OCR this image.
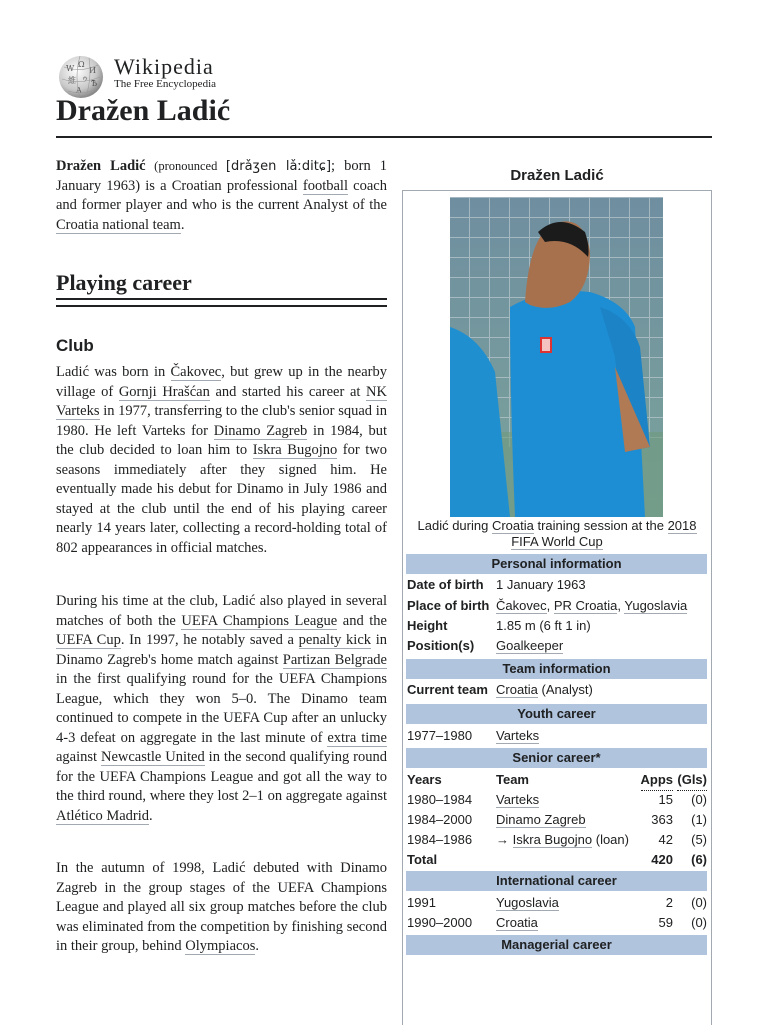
W Ω
И
維 ゥ
Ѣ
A
Wikipedia
The Free Encyclopedia
Dražen Ladić

Dražen Ladić (pronounced [drǎʒen lǎːditɕ]; born 1 January 1963) is a Croatian professional football coach and former player and who is the current Analyst of the Croatia national team.

Playing career
Club

Ladić was born in Čakovec, but grew up in the nearby village of Gornji Hrašćan and started his career at NK Varteks in 1977, transferring to the club's senior squad in 1980. He left Varteks for Dinamo Zagreb in 1984, but the club decided to loan him to Iskra Bugojno for two seasons immediately after they signed him. He eventually made his debut for Dinamo in July 1986 and stayed at the club until the end of his playing career nearly 14 years later, collecting a record-holding total of 802 appearances in official matches.

During his time at the club, Ladić also played in several matches of both the UEFA Champions League and the UEFA Cup. In 1997, he notably saved a penalty kick in Dinamo Zagreb's home match against Partizan Belgrade in the first qualifying round for the UEFA Champions League, which they won 5–0. The Dinamo team continued to compete in the UEFA Cup after an unlucky 4-3 defeat on aggregate in the last minute of extra time against Newcastle United in the second qualifying round for the UEFA Champions League and got all the way to the third round, where they lost 2–1 on aggregate against Atlético Madrid.

In the autumn of 1998, Ladić debuted with Dinamo Zagreb in the group stages of the UEFA Champions League and played all six group matches before the club was eliminated from the competition by finishing second in their group, behind Olympiacos.

Dražen Ladić
Ladić during Croatia training session at the 2018 FIFA World Cup
Personal information
Date of birth 1 January 1963
Place of birth Čakovec, PR Croatia, Yugoslavia
Height	1.85 m (6 ft 1 in)
Position(s) Goalkeeper
Team information
Current team Croatia (Analyst)
Youth career
1977–1980 Varteks
Senior career*
Years	Team	Apps (Gls)
1980–1984 Varteks	15 (0)
1984–2000 Dinamo Zagreb	363 (1)
1984–1986 → Iskra Bugojno (loan) 42 (5)
Total	420 (6)
International career
1991	Yugoslavia	2 (0)
1990–2000 Croatia	59 (0)
Managerial career
